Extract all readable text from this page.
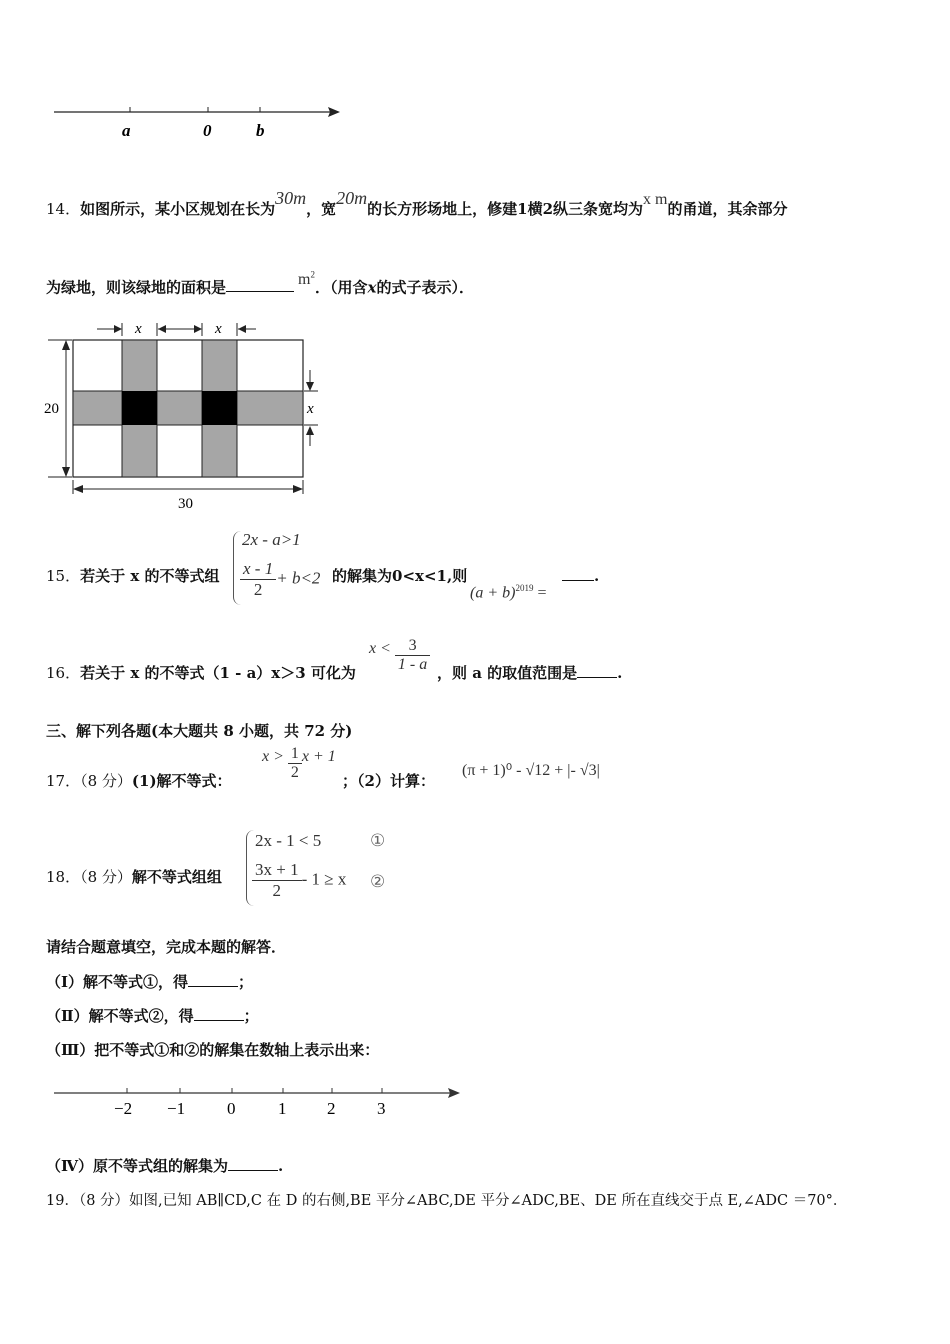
a	0	b
14．如图所示，某小区规划在长为30m，宽20m的长方形场地上，修建1横2纵三条宽均为x m的甬道，其余部分
为绿地，则该绿地的面积是	$m^2$．（用含x的式子表示）．
x	x
x
20
30
2x - a>1
$\frac{x - 1}{2} + b<2$
15．若关于 x 的不等式组	的解集为0<x<1,则
$(a + b)^{2019}$ =
.
16．若关于 x 的不等式（1 - a）x＞3 可化为
$x < \frac{3}{1 - a}$ ，则 a 的取值范围是	.
三、解下列各题(本大题共 8 小题，共 72 分)
17．（8 分）(1)解不等式：
$x > \frac{1}{2}$ x + 1
；（2）计算：
(π + 1)⁰ - √12 + |- √3|
2x - 1 < 5	①
$\frac{3x + 1}{2} - 1 \ge x$ ②
18．（8 分）解不等式组组
请结合题意填空，完成本题的解答．
（Ⅰ）解不等式①，得	；
（Ⅱ）解不等式②，得	；
（Ⅲ）把不等式①和②的解集在数轴上表示出来：
−2 −1 0	1 2 3
（Ⅳ）原不等式组的解集为	.
19．（8 分）如图,已知 AB∥CD,C 在 D 的右侧,BE 平分∠ABC,DE 平分∠ADC,BE、DE 所在直线交于点 E,∠ADC ＝70°．
